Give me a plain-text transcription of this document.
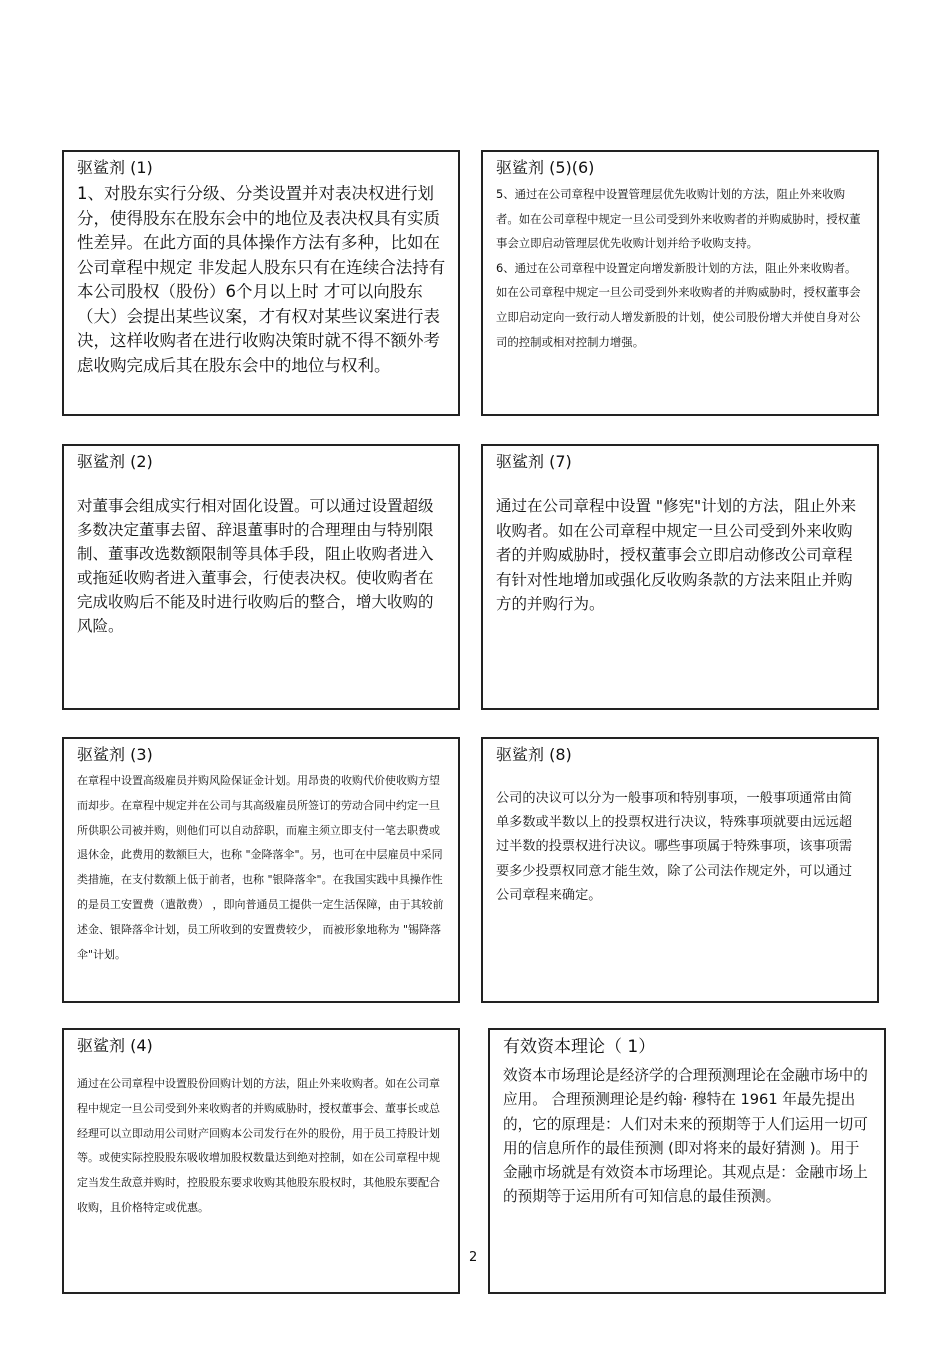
驱鲨剂 (1)
1、对股东实行分级、分类设置并对表决权进行划分，使得股东在股东会中的地位及表决权具有实质性差异。在此方面的具体操作方法有多种，比如在公司章程中规定 非发起人股东只有在连续合法持有本公司股权（股份）6个月以上时 才可以向股东（大）会提出某些议案，才有权对某些议案进行表决，这样收购者在进行收购决策时就不得不额外考虑收购完成后其在股东会中的地位与权利。
驱鲨剂 (5)(6)
5、通过在公司章程中设置管理层优先收购计划的方法，阻止外来收购者。如在公司章程中规定一旦公司受到外来收购者的并购威胁时，授权董事会立即启动管理层优先收购计划并给予收购支持。
6、通过在公司章程中设置定向增发新股计划的方法，阻止外来收购者。如在公司章程中规定一旦公司受到外来收购者的并购威胁时，授权董事会立即启动定向一致行动人增发新股的计划，使公司股份增大并使自身对公司的控制或相对控制力增强。
驱鲨剂 (2)
对董事会组成实行相对固化设置。可以通过设置超级多数决定董事去留、辞退董事时的合理理由与特别限制、董事改选数额限制等具体手段，阻止收购者进入或拖延收购者进入董事会，行使表决权。使收购者在完成收购后不能及时进行收购后的整合，增大收购的风险。
驱鲨剂 (7)
通过在公司章程中设置 "修宪"计划的方法，阻止外来收购者。如在公司章程中规定一旦公司受到外来收购者的并购威胁时，授权董事会立即启动修改公司章程有针对性地增加或强化反收购条款的方法来阻止并购方的并购行为。
驱鲨剂 (3)
在章程中设置高级雇员并购风险保证金计划。用昂贵的收购代价使收购方望而却步。在章程中规定并在公司与其高级雇员所签订的劳动合同中约定一旦所供职公司被并购，则他们可以自动辞职，而雇主须立即支付一笔去职费或退休金，此费用的数额巨大，也称 "金降落伞"。另，也可在中层雇员中采同类措施，在支付数额上低于前者，也称 "银降落伞"。在我国实践中具操作性的是员工安置费（遣散费） ，即向普通员工提供一定生活保障，由于其较前述金、银降落伞计划，员工所收到的安置费较少， 而被形象地称为 "锡降落伞"计划。
驱鲨剂 (8)
公司的决议可以分为一般事项和特别事项，一般事项通常由简单多数或半数以上的投票权进行决议，特殊事项就要由远远超过半数的投票权进行决议。哪些事项属于特殊事项，该事项需要多少投票权同意才能生效，除了公司法作规定外，可以通过公司章程来确定。
驱鲨剂 (4)
通过在公司章程中设置股份回购计划的方法，阻止外来收购者。如在公司章程中规定一旦公司受到外来收购者的并购威胁时，授权董事会、董事长或总经理可以立即动用公司财产回购本公司发行在外的股份，用于员工持股计划等。或使实际控股股东吸收增加股权数量达到绝对控制，如在公司章程中规定当发生敌意并购时，控股股东要求收购其他股东股权时，其他股东要配合收购，且价格特定或优惠。
有效资本理论（ 1）
效资本市场理论是经济学的合理预测理论在金融市场中的应用。 合理预测理论是约翰· 穆特在 1961 年最先提出的，它的原理是：人们对未来的预期等于人们运用一切可用的信息所作的最佳预测 (即对将来的最好猜测 )。用于金融市场就是有效资本市场理论。其观点是：金融市场上的预期等于运用所有可知信息的最佳预测。
2
